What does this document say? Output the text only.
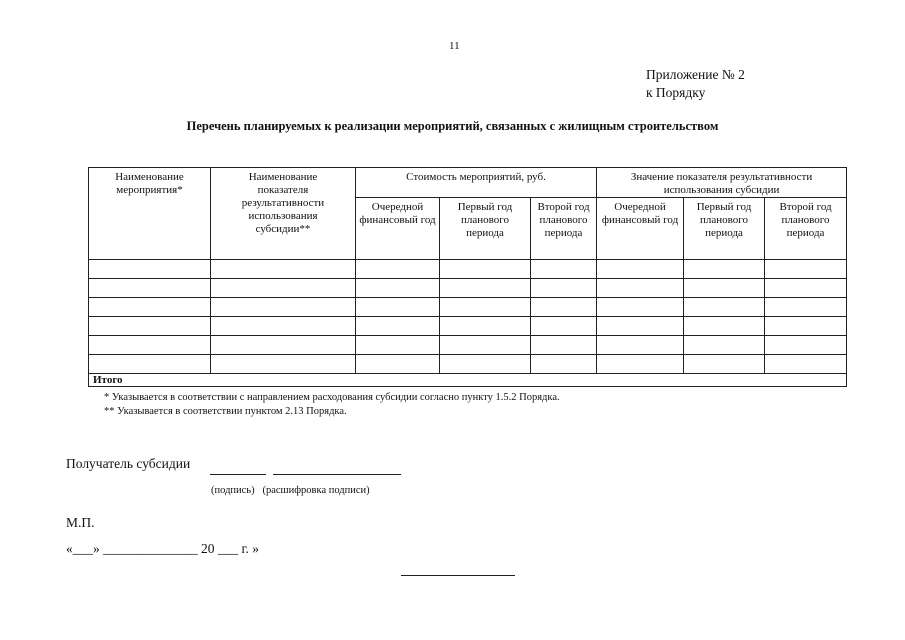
11
Приложение № 2
к Порядку
Перечень планируемых к реализации мероприятий, связанных с жилищным строительством
Наименование мероприятия*	Наименование показателя результативности использования субсидии**	Стоимость мероприятий, руб.			Значение показателя результативности использования субсидии		

		Очередной финансовый год	Первый год планового периода	Второй год планового периода	Очередной финансовый год	Первый год планового периода	Второй год планового периода

Итого							
* Указывается в соответствии с направлением расходования субсидии согласно пункту 1.5.2 Порядка.
** Указывается в соответствии пунктом 2.13 Порядка.
Получатель субсидии
(подпись) (расшифровка подписи)
М.П.
«___» ______________ 20 ___ г. »
